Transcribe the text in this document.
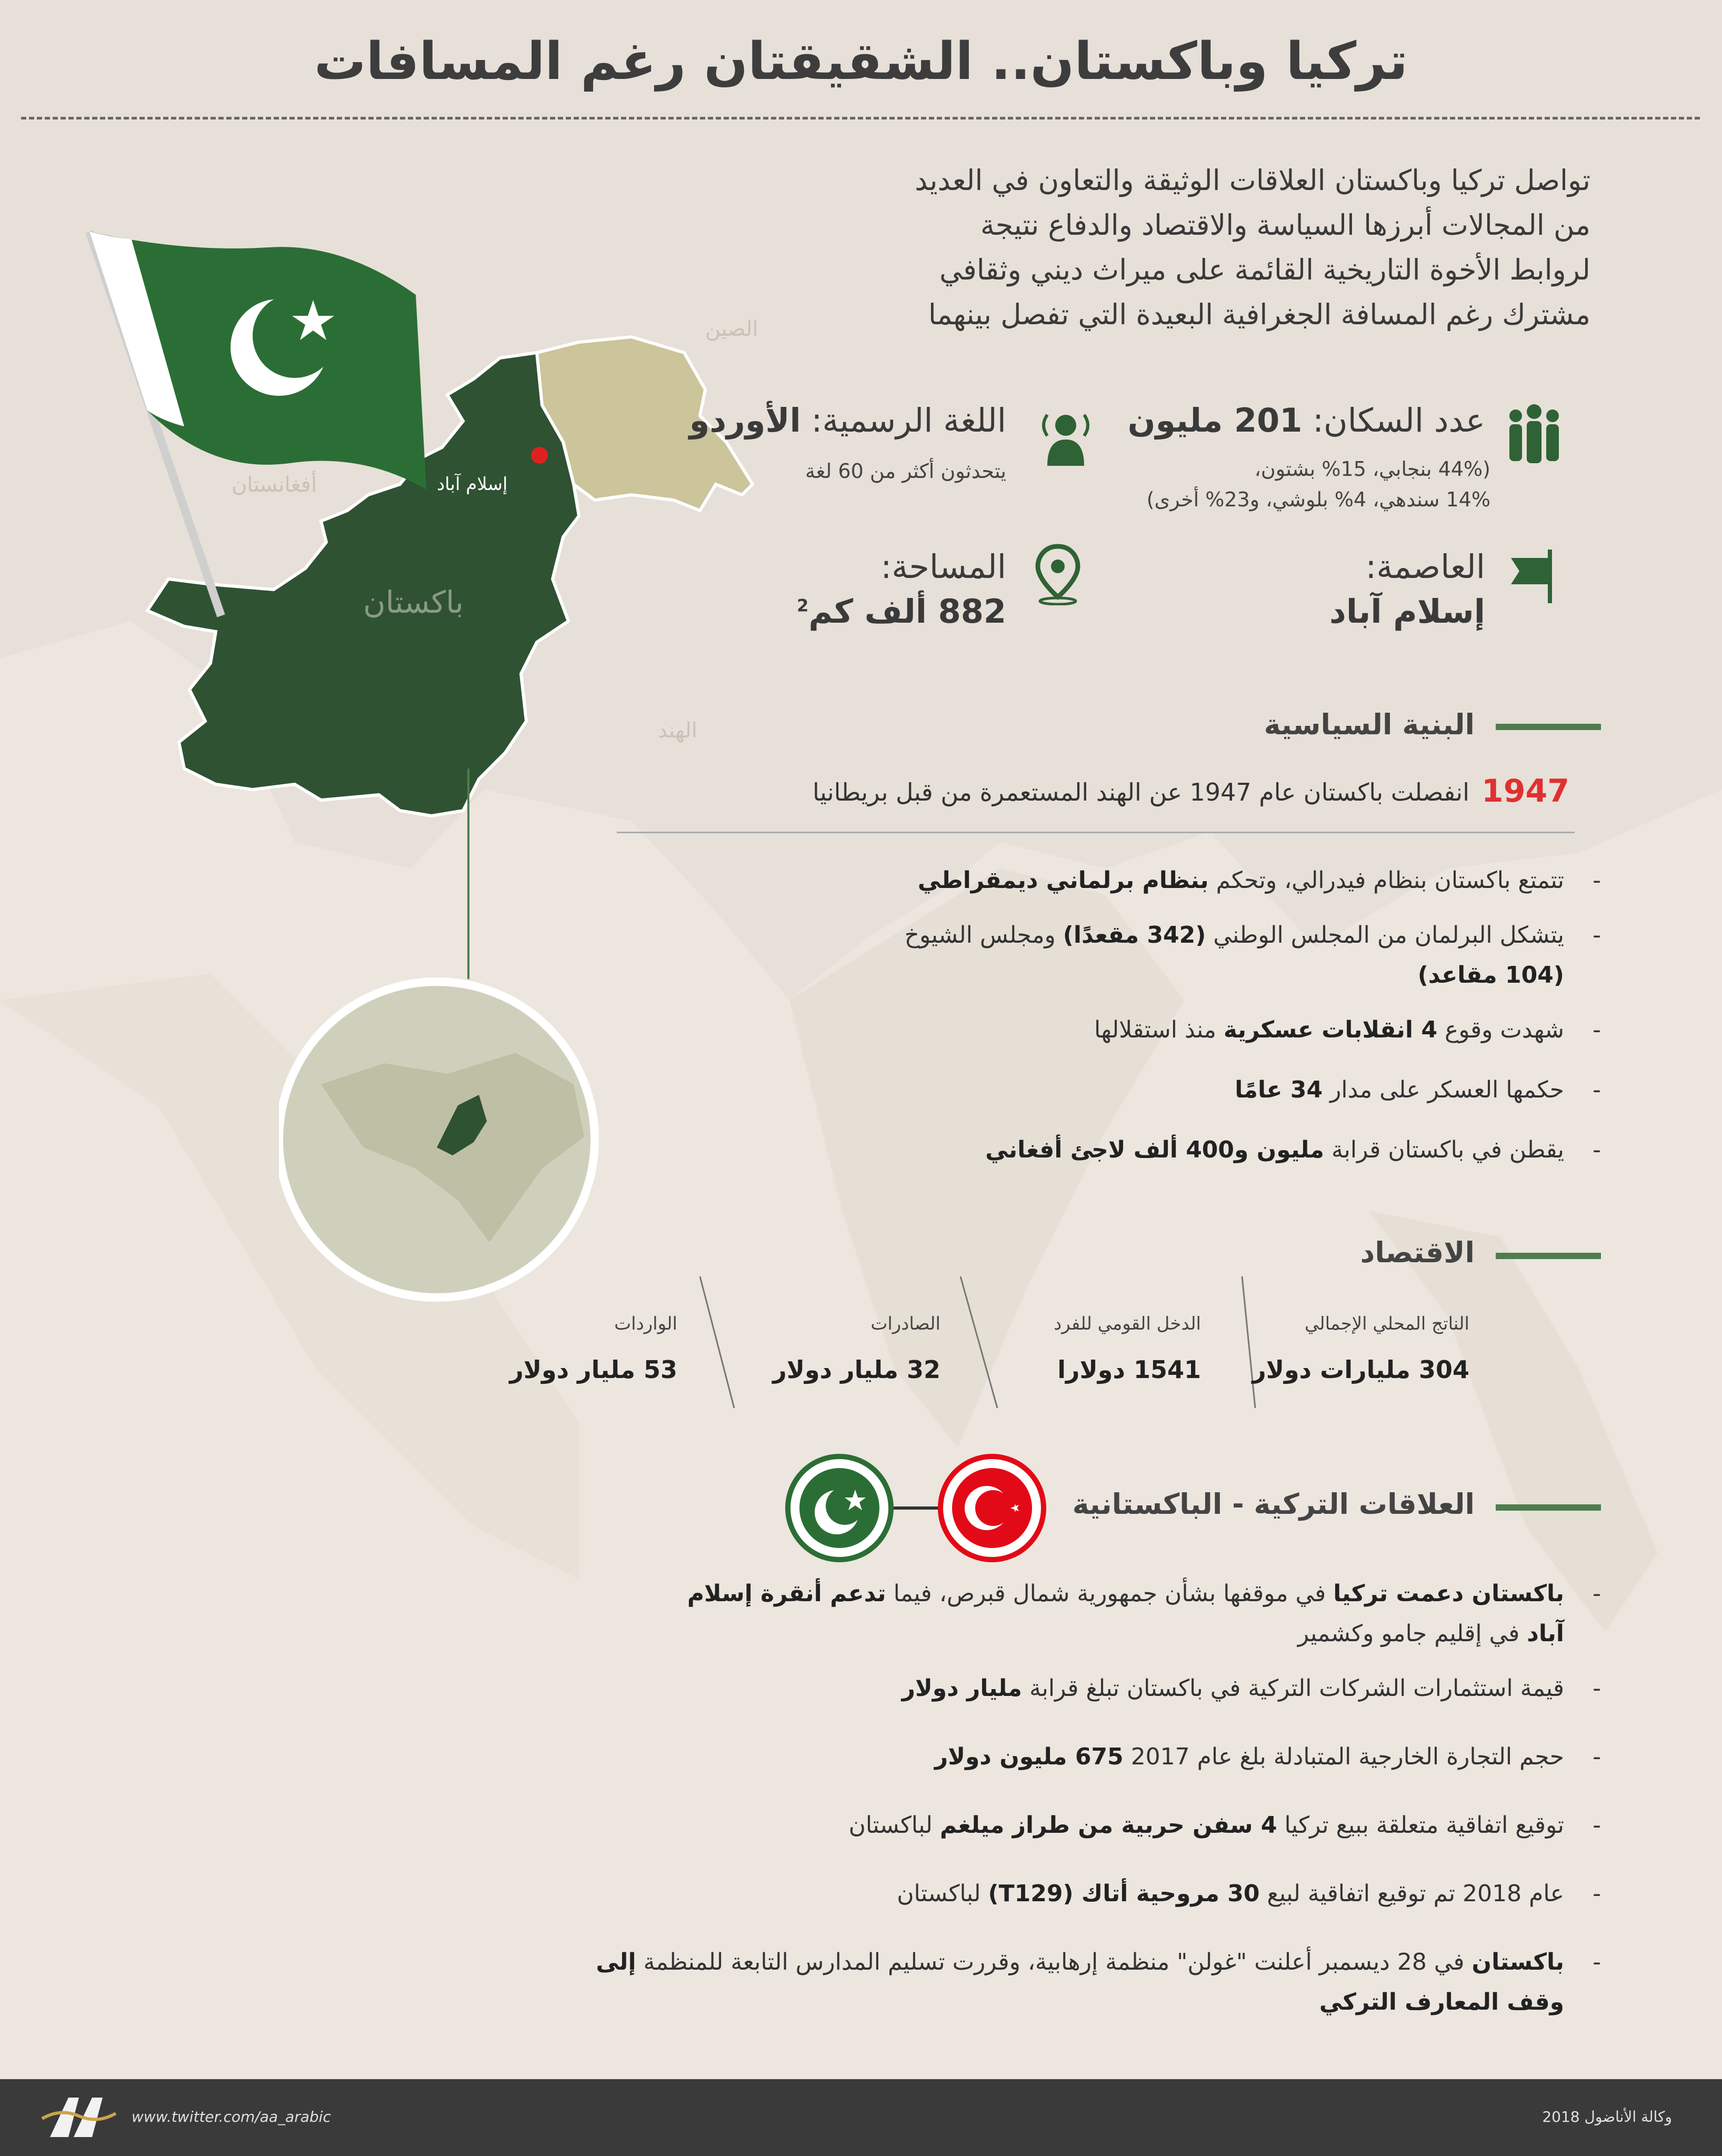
تركيا وباكستان.. الشقيقتان رغم المسافات
الصين
أفغانستان
الهند
باكستان
إسلام آباد
تواصل تركيا وباكستان العلاقات الوثيقة والتعاون في العديد من المجالات أبرزها السياسة والاقتصاد والدفاع نتيجة لروابط الأخوة التاريخية القائمة على ميراث ديني وثقافي مشترك رغم المسافة الجغرافية البعيدة التي تفصل بينهما
عدد السكان: 201 مليون
(44% بنجابي، 15% بشتون،
14% سندهي، 4% بلوشي، و23% أخرى)
اللغة الرسمية: الأوردو
يتحدثون أكثر من 60 لغة
العاصمة:
إسلام آباد
المساحة:
882 ألف كم$^2$
البنية السياسية
1947
انفصلت باكستان عام 1947 عن الهند المستعمرة من قبل بريطانيا
- تتمتع باكستان بنظام فيدرالي، وتحكم بنظام برلماني ديمقراطي
- يتشكل البرلمان من المجلس الوطني (342 مقعدًا) ومجلس الشيوخ (104 مقاعد)
- شهدت وقوع 4 انقلابات عسكرية منذ استقلالها
- حكمها العسكر على مدار 34 عامًا
- يقطن في باكستان قرابة مليون و400 ألف لاجئ أفغاني
الاقتصاد
الناتج المحلي الإجمالي
304 مليارات دولار
الدخل القومي للفرد
1541 دولارا
الصادرات
32 مليار دولار
الواردات
53 مليار دولار
العلاقات التركية - الباكستانية
- باكستان دعمت تركيا في موقفها بشأن جمهورية شمال قبرص، فيما تدعم أنقرة إسلام آباد في إقليم جامو وكشمير
- قيمة استثمارات الشركات التركية في باكستان تبلغ قرابة مليار دولار
- حجم التجارة الخارجية المتبادلة بلغ عام 2017 675 مليون دولار
- توقيع اتفاقية متعلقة ببيع تركيا 4 سفن حربية من طراز ميلغم لباكستان
- عام 2018 تم توقيع اتفاقية لبيع 30 مروحية أتاك (T129) لباكستان
- باكستان في 28 ديسمبر أعلنت "غولن" منظمة إرهابية، وقررت تسليم المدارس التابعة للمنظمة إلى وقف المعارف التركي
www.twitter.com/aa_arabic	وكالة الأناضول 2018
